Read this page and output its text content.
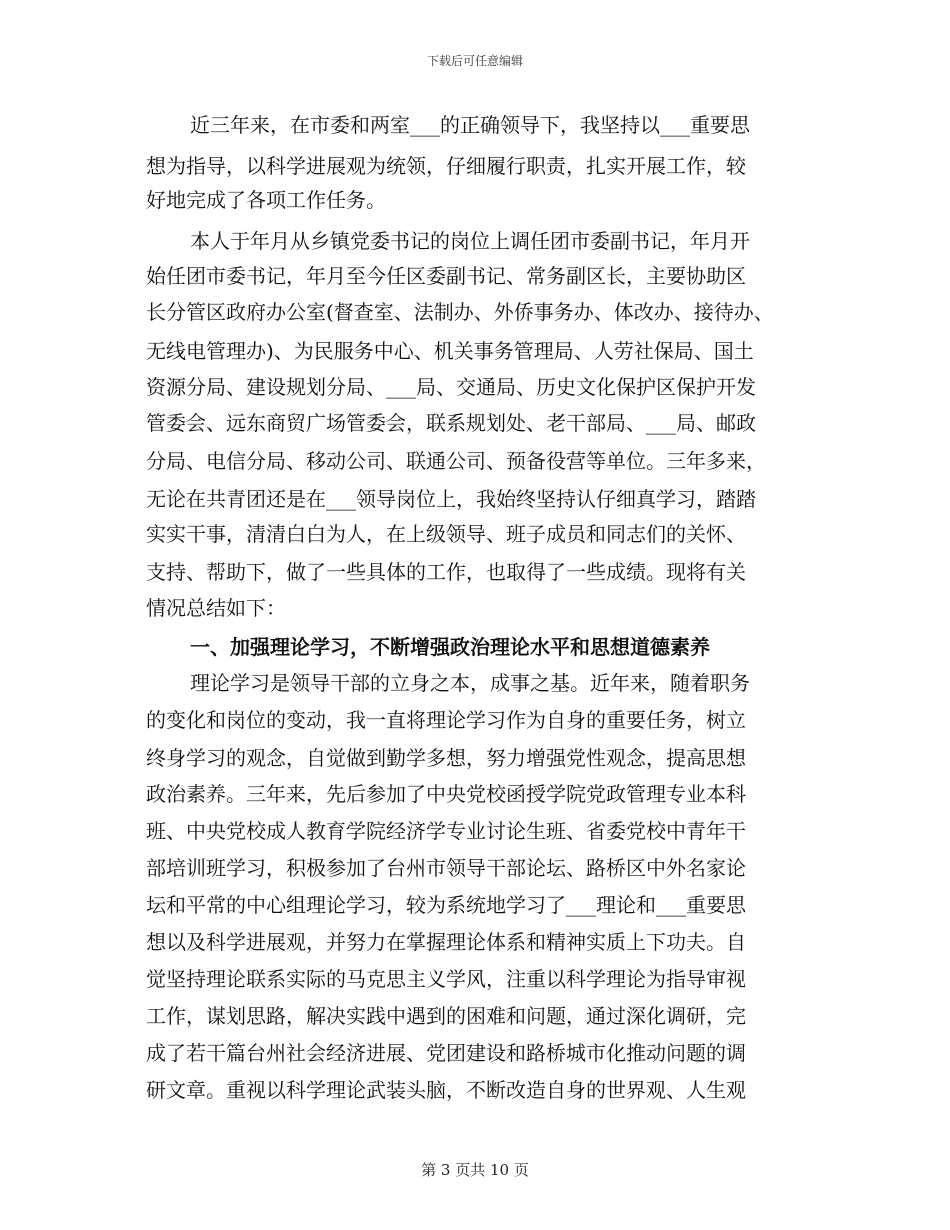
下载后可任意编辑
近三年来，在市委和两室___的正确领导下，我坚持以___重要思
想为指导，以科学进展观为统领，仔细履行职责，扎实开展工作，较
好地完成了各项工作任务。
本人于年月从乡镇党委书记的岗位上调任团市委副书记，年月开
始任团市委书记，年月至今任区委副书记、常务副区长，主要协助区
长分管区政府办公室(督查室、法制办、外侨事务办、体改办、接待办、
无线电管理办)、为民服务中心、机关事务管理局、人劳社保局、国土
资源分局、建设规划分局、___局、交通局、历史文化保护区保护开发
管委会、远东商贸广场管委会，联系规划处、老干部局、___局、邮政
分局、电信分局、移动公司、联通公司、预备役营等单位。三年多来，
无论在共青团还是在___领导岗位上，我始终坚持认仔细真学习，踏踏
实实干事，清清白白为人，在上级领导、班子成员和同志们的关怀、
支持、帮助下，做了一些具体的工作，也取得了一些成绩。现将有关
情况总结如下：
一、加强理论学习，不断增强政治理论水平和思想道德素养
理论学习是领导干部的立身之本，成事之基。近年来，随着职务
的变化和岗位的变动，我一直将理论学习作为自身的重要任务，树立
终身学习的观念，自觉做到勤学多想，努力增强党性观念，提高思想
政治素养。三年来，先后参加了中央党校函授学院党政管理专业本科
班、中央党校成人教育学院经济学专业讨论生班、省委党校中青年干
部培训班学习，积极参加了台州市领导干部论坛、路桥区中外名家论
坛和平常的中心组理论学习，较为系统地学习了___理论和___重要思
想以及科学进展观，并努力在掌握理论体系和精神实质上下功夫。自
觉坚持理论联系实际的马克思主义学风，注重以科学理论为指导审视
工作，谋划思路，解决实践中遇到的困难和问题，通过深化调研，完
成了若干篇台州社会经济进展、党团建设和路桥城市化推动问题的调
研文章。重视以科学理论武装头脑，不断改造自身的世界观、人生观
第 3 页共 10 页
